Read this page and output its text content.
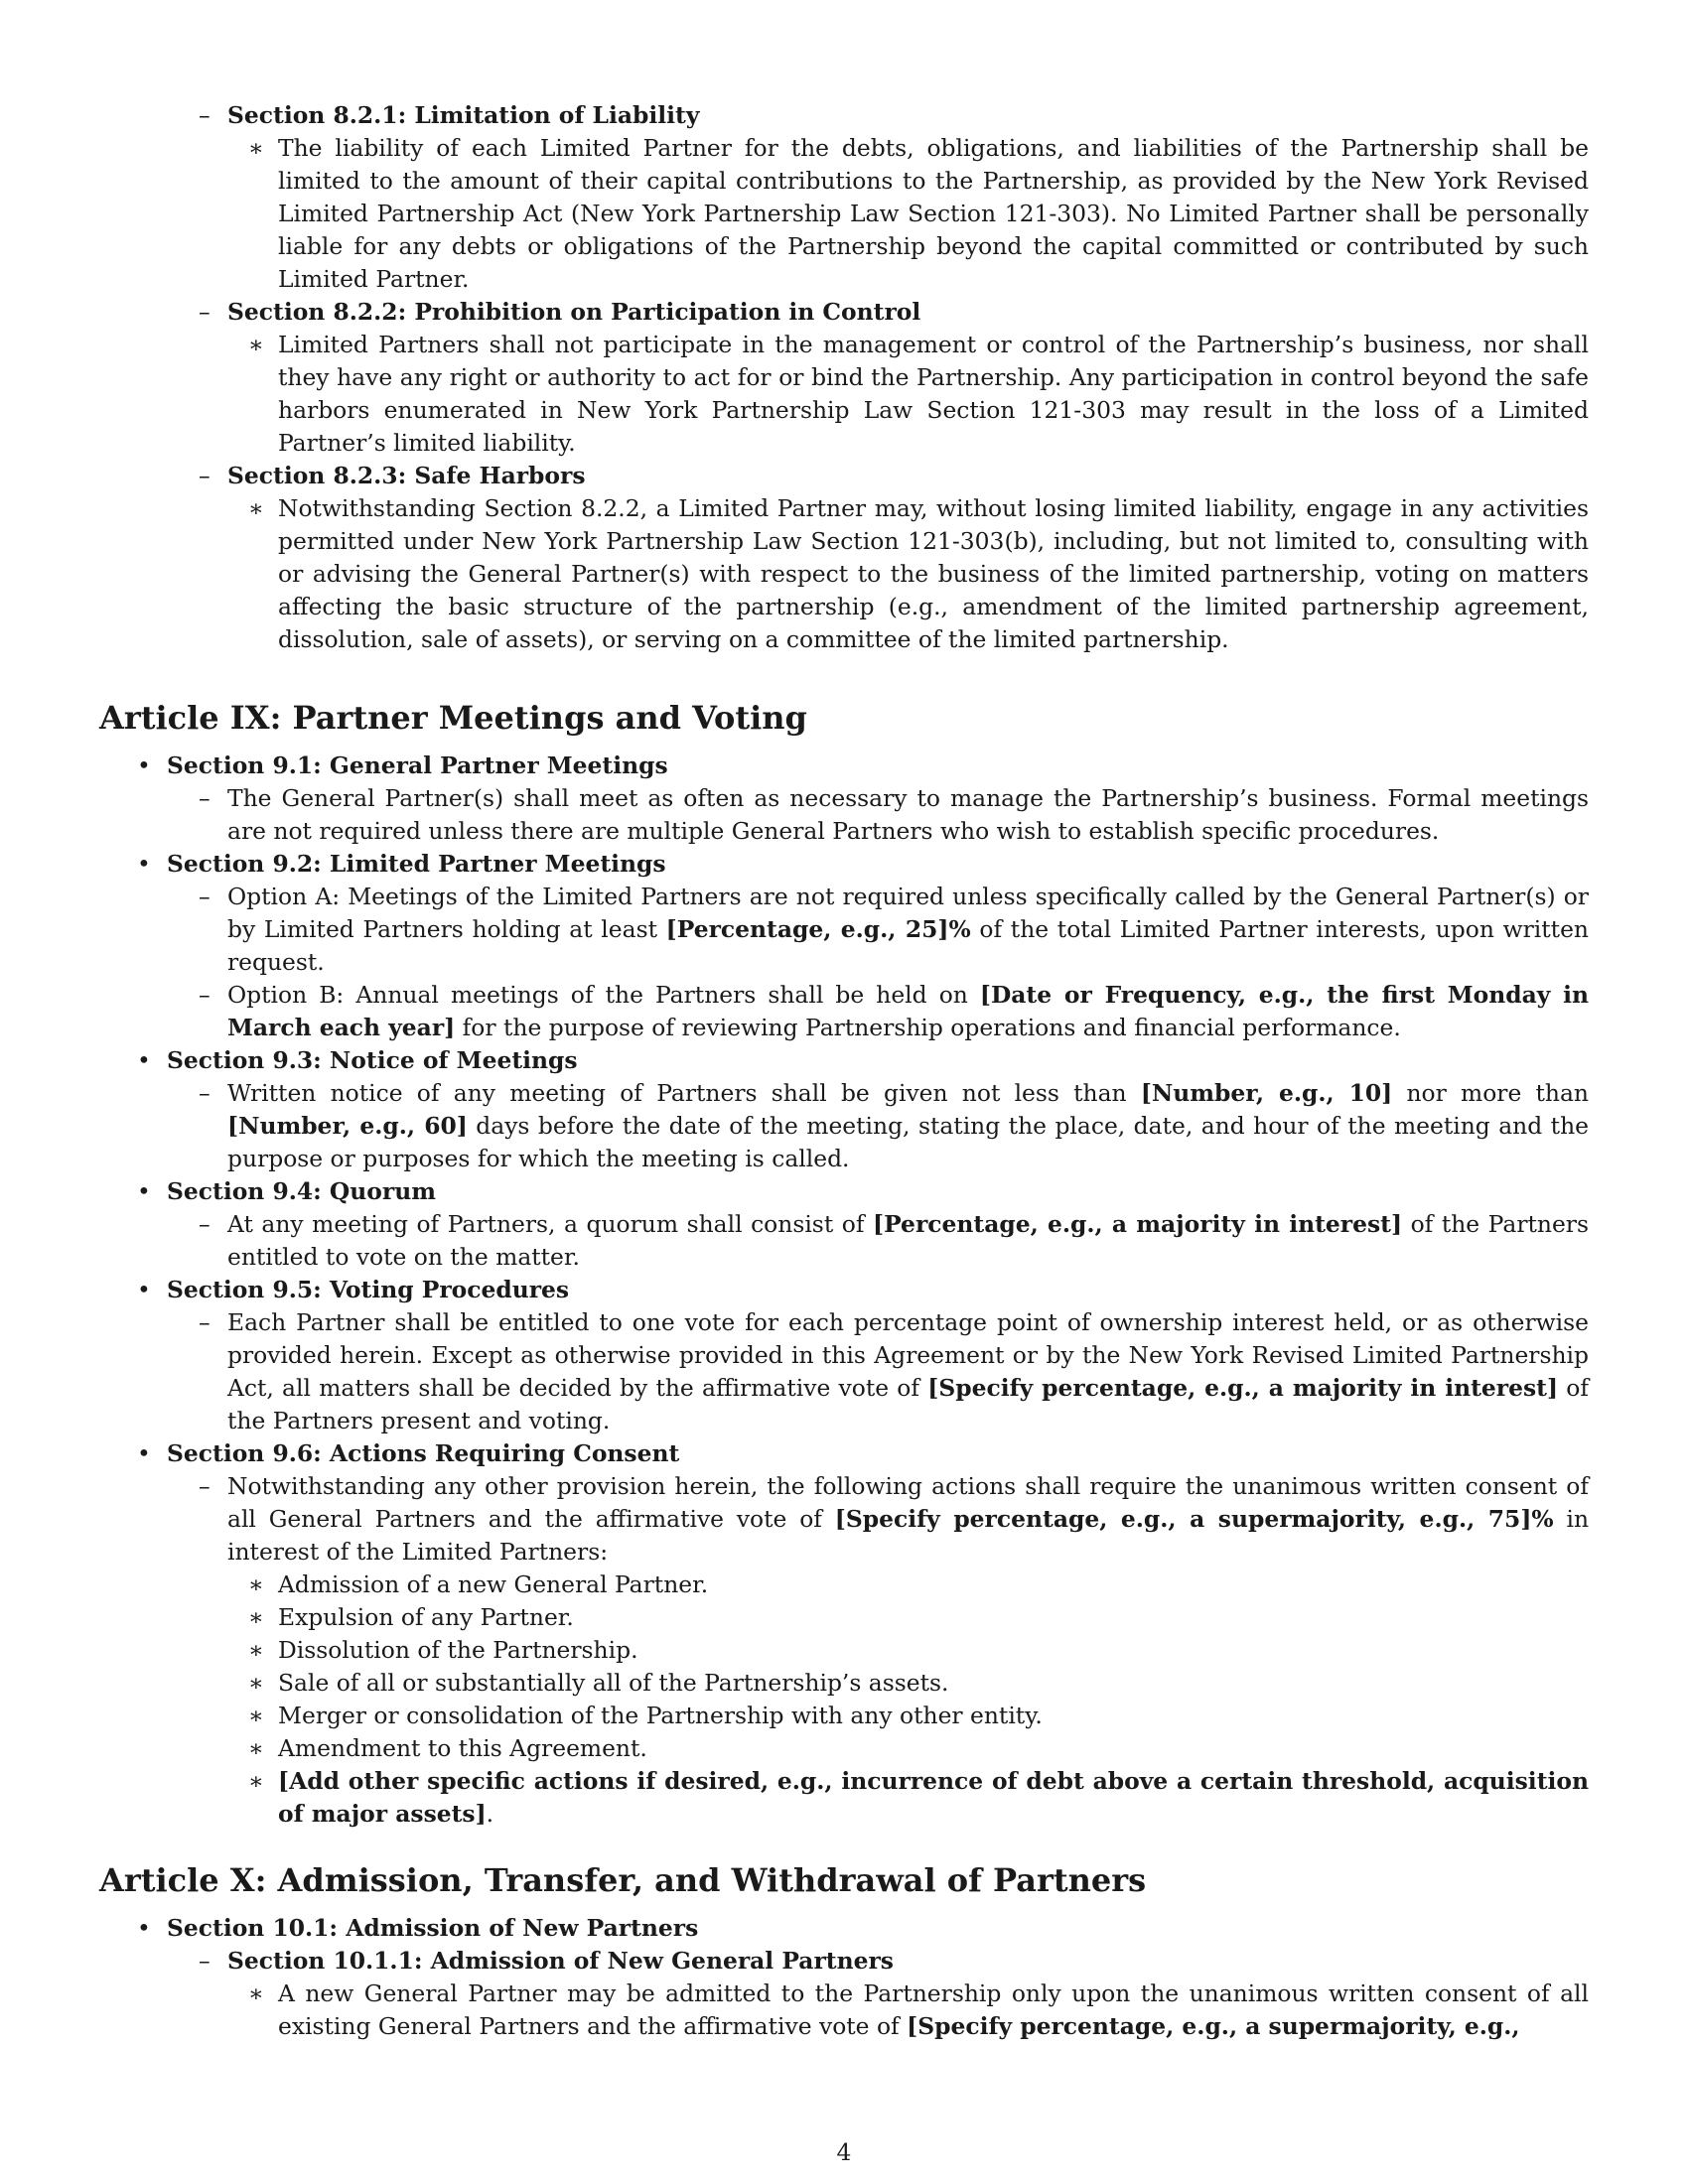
–
Section 8.2.1: Limitation of Liability
∗
The liability of each Limited Partner for the debts, obligations, and liabilities of the Partnership shall be limited to the amount of their capital contributions to the Partnership, as provided by the New York Revised Limited Partnership Act (New York Partnership Law Section 121-303). No Limited Partner shall be personally liable for any debts or obligations of the Partnership beyond the capital committed or contributed by such Limited Partner.
–
Section 8.2.2: Prohibition on Participation in Control
∗
Limited Partners shall not participate in the management or control of the Partnership’s business, nor shall they have any right or authority to act for or bind the Partnership. Any participation in control beyond the safe harbors enumerated in New York Partnership Law Section 121-303 may result in the loss of a Limited Partner’s limited liability.
–
Section 8.2.3: Safe Harbors
∗
Notwithstanding Section 8.2.2, a Limited Partner may, without losing limited liability, engage in any activities permitted under New York Partnership Law Section 121-303(b), including, but not limited to, consulting with or advising the General Partner(s) with respect to the business of the limited partnership, voting on matters affecting the basic structure of the partnership (e.g., amendment of the limited partnership agreement, dissolution, sale of assets), or serving on a committee of the limited partnership.
Article IX: Partner Meetings and Voting
•
Section 9.1: General Partner Meetings
–
The General Partner(s) shall meet as often as necessary to manage the Partnership’s business. Formal meetings are not required unless there are multiple General Partners who wish to establish specific procedures.
•
Section 9.2: Limited Partner Meetings
–
Option A: Meetings of the Limited Partners are not required unless specifically called by the General Partner(s) or by Limited Partners holding at least [Percentage, e.g., 25]% of the total Limited Partner interests, upon written request.
–
Option B: Annual meetings of the Partners shall be held on [Date or Frequency, e.g., the first Monday in March each year] for the purpose of reviewing Partnership operations and financial performance.
•
Section 9.3: Notice of Meetings
–
Written notice of any meeting of Partners shall be given not less than [Number, e.g., 10] nor more than [Number, e.g., 60] days before the date of the meeting, stating the place, date, and hour of the meeting and the purpose or purposes for which the meeting is called.
•
Section 9.4: Quorum
–
At any meeting of Partners, a quorum shall consist of [Percentage, e.g., a majority in interest] of the Partners entitled to vote on the matter.
•
Section 9.5: Voting Procedures
–
Each Partner shall be entitled to one vote for each percentage point of ownership interest held, or as otherwise provided herein. Except as otherwise provided in this Agreement or by the New York Revised Limited Partnership Act, all matters shall be decided by the affirmative vote of [Specify percentage, e.g., a majority in interest] of the Partners present and voting.
•
Section 9.6: Actions Requiring Consent
–
Notwithstanding any other provision herein, the following actions shall require the unanimous written consent of all General Partners and the affirmative vote of [Specify percentage, e.g., a supermajority, e.g., 75]% in interest of the Limited Partners:
∗
Admission of a new General Partner.
∗
Expulsion of any Partner.
∗
Dissolution of the Partnership.
∗
Sale of all or substantially all of the Partnership’s assets.
∗
Merger or consolidation of the Partnership with any other entity.
∗
Amendment to this Agreement.
∗
[Add other specific actions if desired, e.g., incurrence of debt above a certain threshold, acquisition of major assets].
Article X: Admission, Transfer, and Withdrawal of Partners
•
Section 10.1: Admission of New Partners
–
Section 10.1.1: Admission of New General Partners
∗
A new General Partner may be admitted to the Partnership only upon the unanimous written consent of all existing General Partners and the affirmative vote of [Specify percentage, e.g., a supermajority, e.g.,
4
